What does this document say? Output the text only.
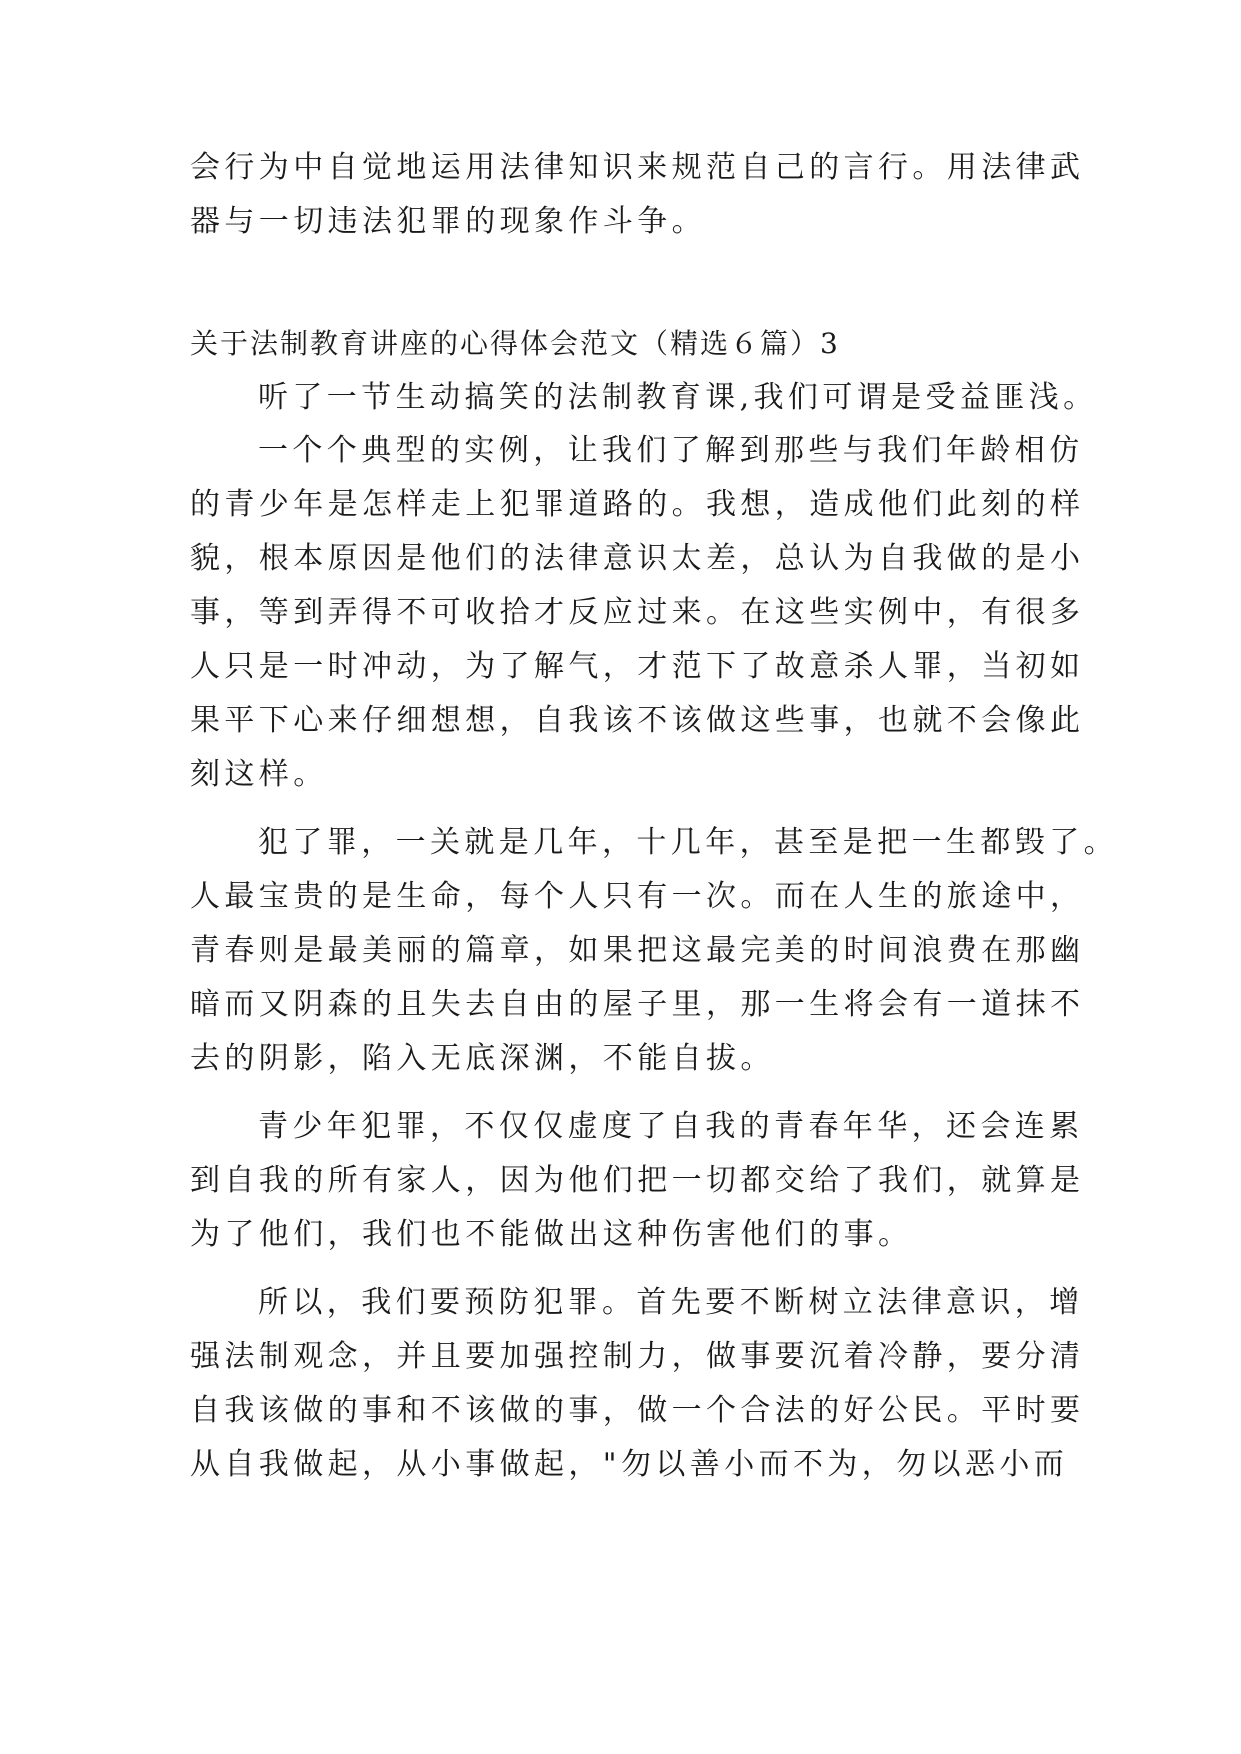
会行为中自觉地运用法律知识来规范自己的言行。用法律武
器与一切违法犯罪的现象作斗争。
关于法制教育讲座的心得体会范文（精选６篇）3
听了一节生动搞笑的法制教育课,我们可谓是受益匪浅。
一个个典型的实例，让我们了解到那些与我们年龄相仿
的青少年是怎样走上犯罪道路的。我想，造成他们此刻的样
貌，根本原因是他们的法律意识太差，总认为自我做的是小
事，等到弄得不可收拾才反应过来。在这些实例中，有很多
人只是一时冲动，为了解气，才范下了故意杀人罪，当初如
果平下心来仔细想想，自我该不该做这些事，也就不会像此
刻这样。
犯了罪，一关就是几年，十几年，甚至是把一生都毁了。
人最宝贵的是生命，每个人只有一次。而在人生的旅途中，
青春则是最美丽的篇章，如果把这最完美的时间浪费在那幽
暗而又阴森的且失去自由的屋子里，那一生将会有一道抹不
去的阴影，陷入无底深渊，不能自拔。
青少年犯罪，不仅仅虚度了自我的青春年华，还会连累
到自我的所有家人，因为他们把一切都交给了我们，就算是
为了他们，我们也不能做出这种伤害他们的事。
所以，我们要预防犯罪。首先要不断树立法律意识，增
强法制观念，并且要加强控制力，做事要沉着冷静，要分清
自我该做的事和不该做的事，做一个合法的好公民。平时要
从自我做起，从小事做起，"勿以善小而不为，勿以恶小而
